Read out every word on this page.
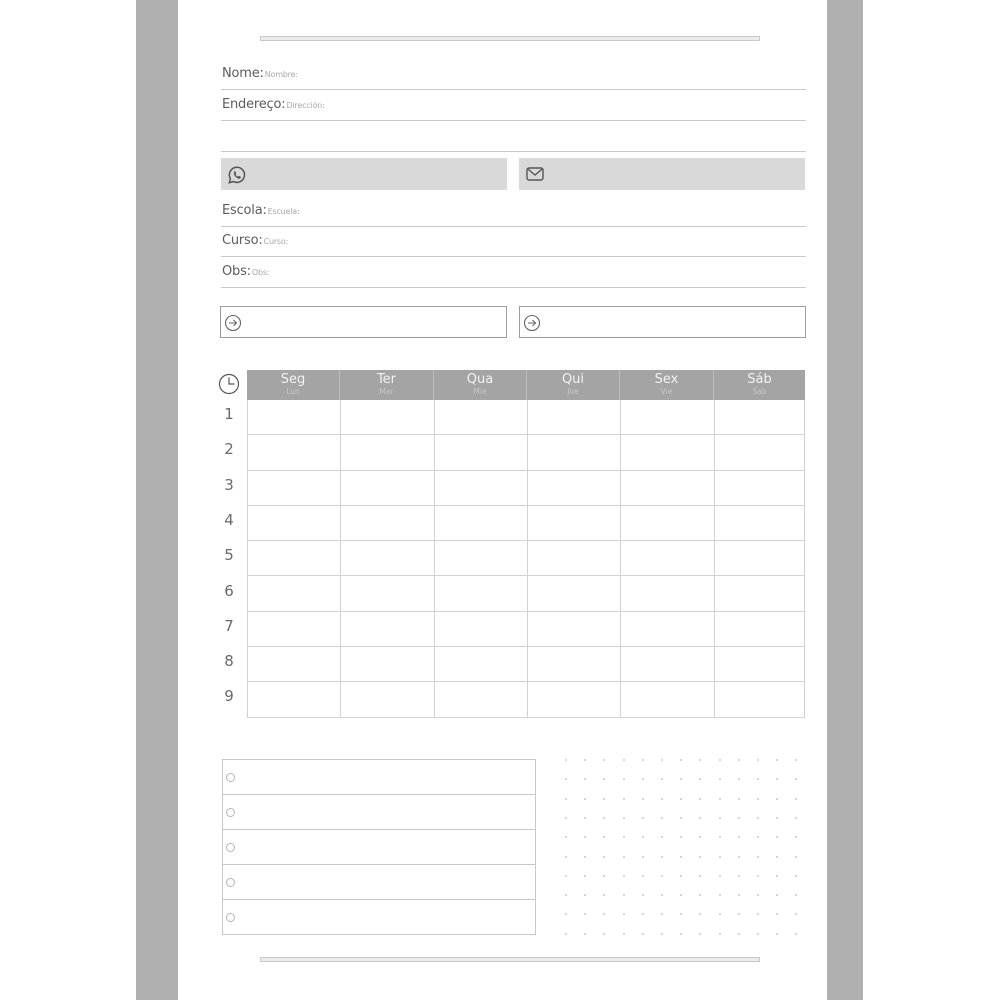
Nome:Nombre:
Endereço:Dirección:
Escola:Escuela:
Curso:Curso:
Obs:Obs:
Seg
Lun
Ter
Mar
Qua
Mie
Qui
Jue
Sex
Vie
Sáb
Sab
1
2
3
4
5
6
7
8
9
